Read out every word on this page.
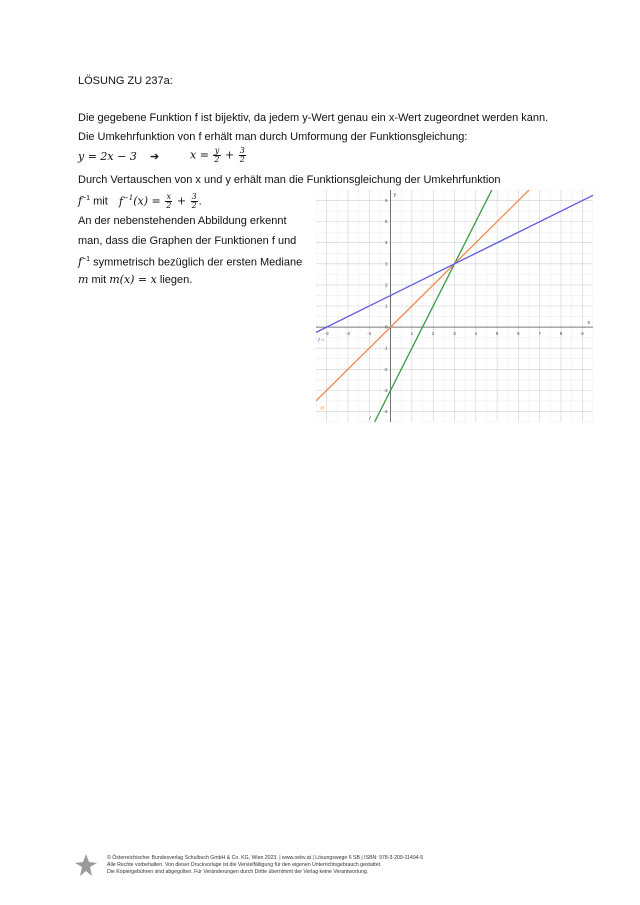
LÖSUNG ZU 237a:
Die gegebene Funktion f ist bijektiv, da jedem y-Wert genau ein x-Wert zugeordnet werden kann.
Die Umkehrfunktion von f erhält man durch Umformung der Funktionsgleichung:
y = 2x − 3 ➔	$x = \frac{y}{2} + \frac{3}{2}$
Durch Vertauschen von x und y erhält man die Funktionsgleichung der Umkehrfunktion
$f^{-1}$ mit $f^{-1}(x) = \frac{x}{2} + \frac{3}{2}$ .
An der nebenstehenden Abbildung erkennt
man, dass die Graphen der Funktionen f und
$f^{-1}$ symmetrisch bezüglich der ersten Mediane
m mit m(x) = x liegen.
-3	-2	-1	1	2	3	4	5	6	7	8	9
6
5
4
3
2
1
0
-1
-2
-3
-4
x
y
m
f⁻¹
f
© Österreichischer Bundesverlag Schulbuch GmbH & Co. KG, Wien 2023. | www.oebv.at | Lösungswege 6 SB | ISBN: 978-3-209-11494-5
Alle Rechte vorbehalten. Von dieser Druckvorlage ist die Vervielfältigung für den eigenen Unterrichtsgebrauch gestattet.
Die Kopiergebühren sind abgegolten. Für Veränderungen durch Dritte übernimmt der Verlag keine Verantwortung.
